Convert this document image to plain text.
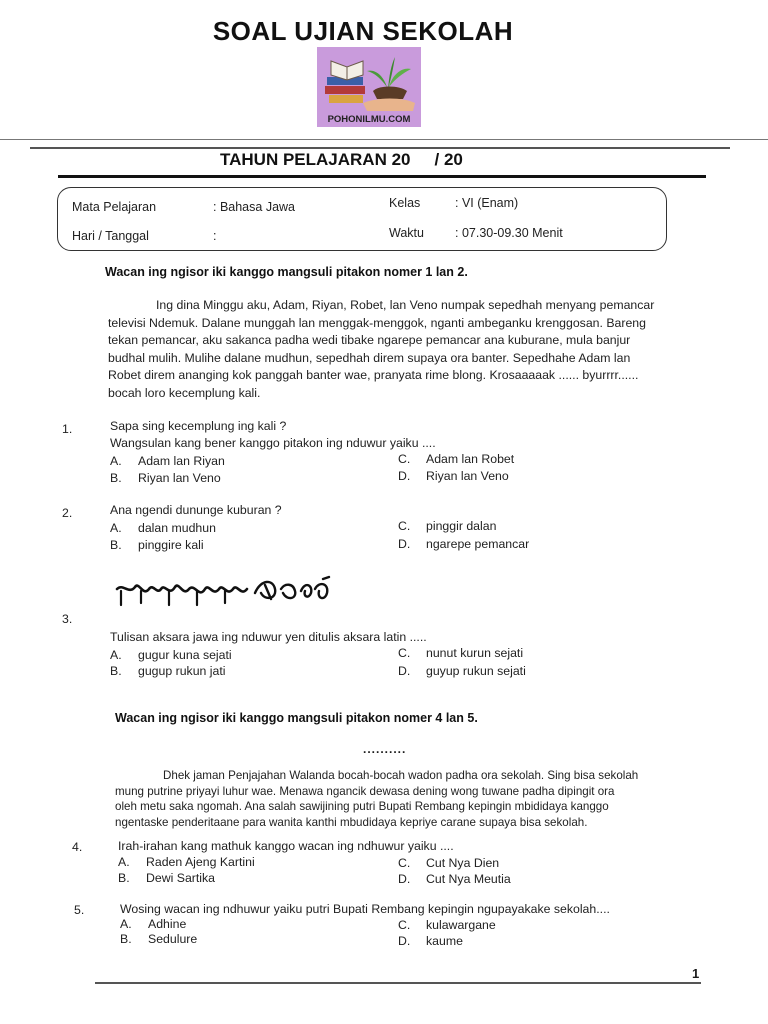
SOAL UJIAN SEKOLAH
POHONILMU.COM
TAHUN PELAJARAN 20 / 20
Mata Pelajaran	: Bahasa Jawa	Kelas	: VI (Enam)
Hari / Tanggal	:	Waktu : 07.30-09.30 Menit
Wacan ing ngisor iki kanggo mangsuli pitakon nomer 1 lan 2.
Ing dina Minggu aku, Adam, Riyan, Robet, lan Veno numpak sepedhah menyang pemancar
televisi Ndemuk. Dalane munggah lan menggak-menggok, nganti ambeganku krenggosan. Bareng
tekan pemancar, aku sakanca padha wedi tibake ngarepe pemancar ana kuburane, mula banjur
budhal mulih. Mulihe dalane mudhun, sepedhah direm supaya ora banter. Sepedhahe Adam lan
Robet direm ananging kok panggah banter wae, pranyata rime blong. Krosaaaaak ...... byurrrr......
bocah loro kecemplung kali.
1.	Sapa sing kecemplung ing kali ?
Wangsulan kang bener kanggo pitakon ing nduwur yaiku ....
A. Adam lan Riyan
B. Riyan lan Veno
C. Adam lan Robet
D. Riyan lan Veno
2.	Ana ngendi dunungе kuburan ?
A. dalan mudhun
B. pinggire kali
C. pinggir dalan
D. ngarepe pemancar
3.
Tulisan aksara jawa ing nduwur yen ditulis aksara latin .....
A. gugur kuna sejati
B. gugup rukun jati
C. nunut kurun sejati
D. guyup rukun sejati
Wacan ing ngisor iki kanggo mangsuli pitakon nomer 4 lan 5.
..........
Dhek jaman Penjajahan Walanda bocah-bocah wadon padha ora sekolah. Sing bisa sekolah
mung putrine priyayi luhur wae. Menawa ngancik dewasa dening wong tuwane padha dipingit ora
oleh metu saka ngomah. Ana salah sawijining putri Bupati Rembang kepingin mbididaya kanggo
ngentaske penderitaane para wanita kanthi mbudidaya kepriye carane supaya bisa sekolah.
4.	Irah-irahan kang mathuk kanggo wacan ing ndhuwur yaiku ....
A. Raden Ajeng Kartini
B. Dewi Sartika
C. Cut Nya Dien
D. Cut Nya Meutia
5.	Wosing wacan ing ndhuwur yaiku putri Bupati Rembang kepingin ngupayakake sekolah....
A. Adhine
B. Sedulure
C. kulawargane
D. kaume
1
